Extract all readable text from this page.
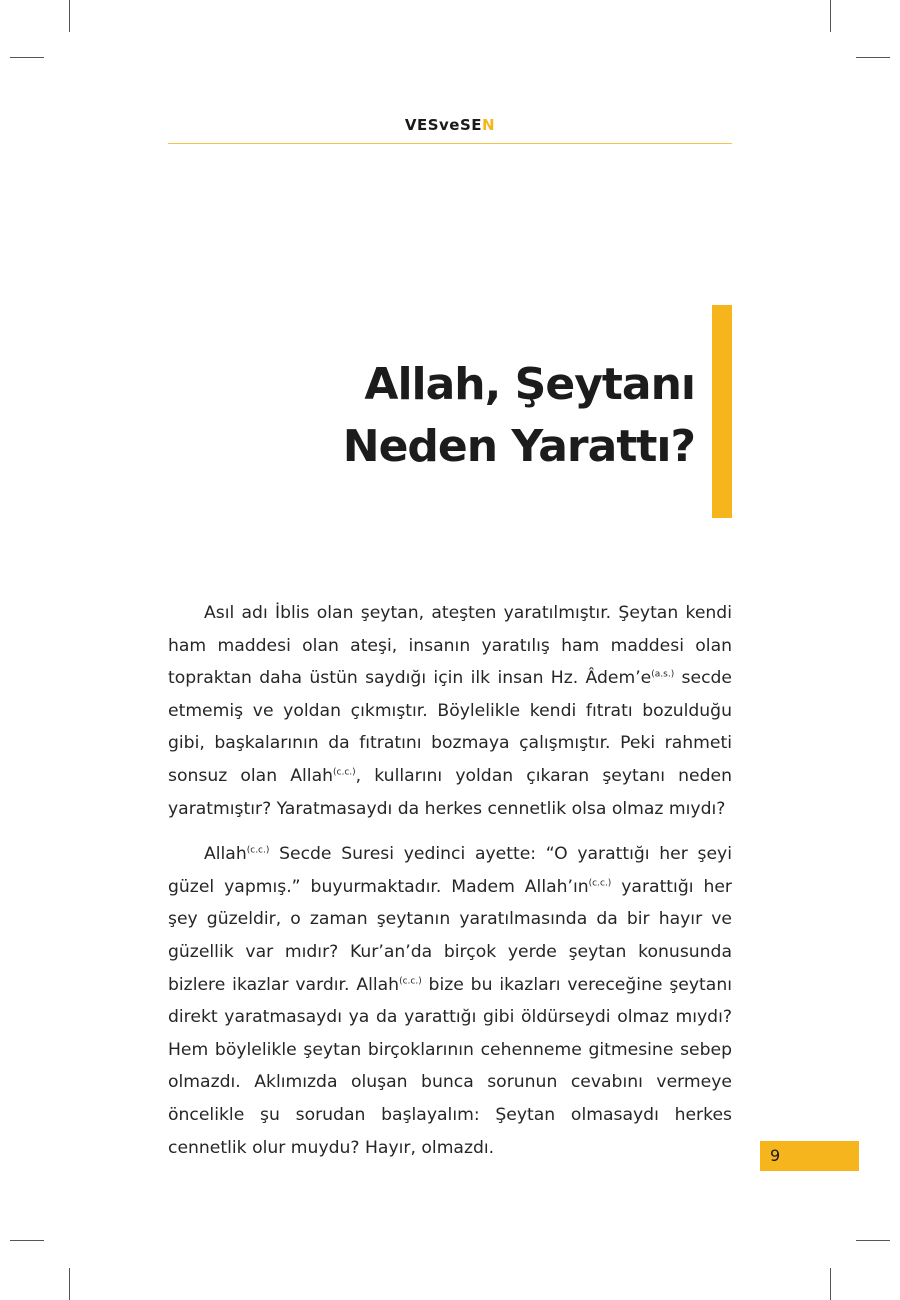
VESveSEN
Allah, Şeytanı
Neden Yarattı?

Asıl adı İblis olan şeytan, ateşten yaratılmıştır. Şeytan kendi ham maddesi olan ateşi, insanın yaratılış ham maddesi olan topraktan daha üstün saydığı için ilk insan Hz. $Âdem’e^{(a.s.)}$ secde etmemiş ve yoldan çıkmıştır. Böylelikle kendi fıtratı bozulduğu gibi, başkalarının da fıtratını bozmaya çalışmıştır. Peki rahmeti sonsuz olan Allah$^{(c.c.)}$, kullarını yoldan çıkaran şeytanı neden yaratmıştır? Yaratmasaydı da herkes cennetlik olsa olmaz mıydı?

Allah$^{(c.c.)}$ Secde Suresi yedinci ayette: “O yarattığı her şeyi güzel yapmış.” buyurmaktadır. Madem $Allah’ın^{(c.c.)}$ yarattığı her şey güzeldir, o zaman şeytanın yaratılmasında da bir hayır ve güzellik var mıdır? Kur’an’da birçok yerde şeytan konusunda bizlere ikazlar vardır. Allah$^{(c.c.)}$ bize bu ikazları vereceğine şeytanı direkt yaratmasaydı ya da yarattığı gibi öldürseydi olmaz mıydı? Hem böylelikle şeytan birçoklarının cehenneme gitmesine sebep olmazdı. Aklımızda oluşan bunca sorunun cevabını vermeye öncelikle şu sorudan başlayalım: Şeytan olmasaydı herkes cennetlik olur muydu? Hayır, olmazdı.	9
